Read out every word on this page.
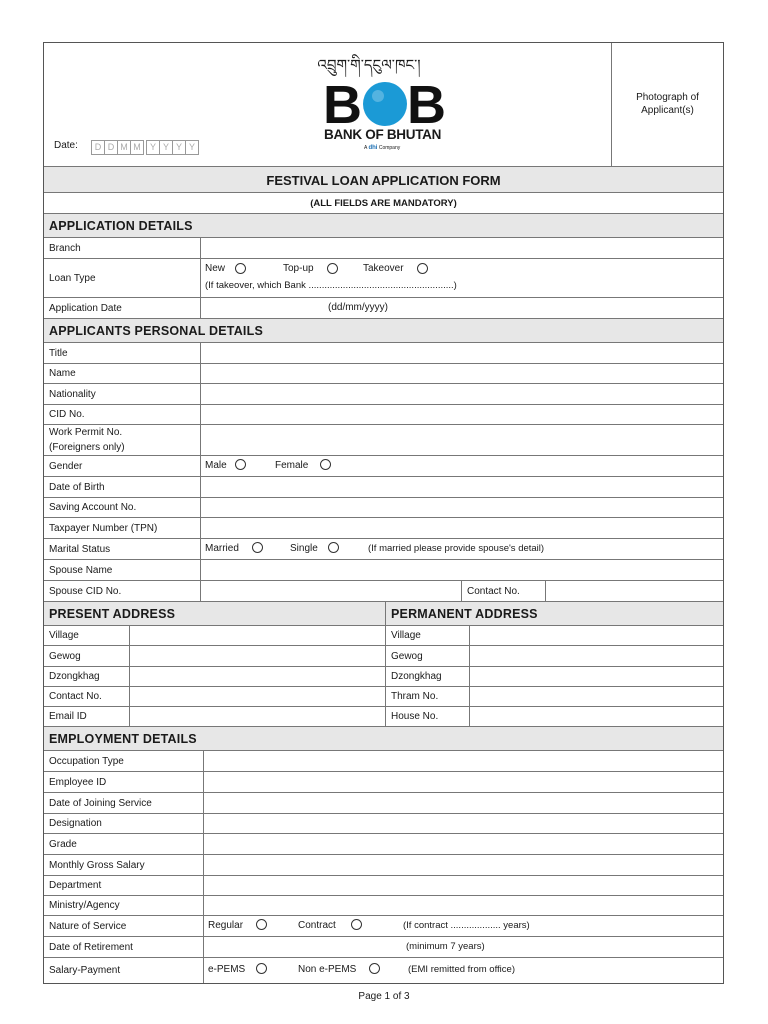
འབྲུག་གི་དངུལ་ཁང་།
B B
BANK OF BHUTAN
A dhi Company
Date:	D D M M Y Y Y Y
Photograph of Applicant(s)
FESTIVAL LOAN APPLICATION FORM
(ALL FIELDS ARE MANDATORY)
APPLICATION DETAILS
Branch
Loan Type
New	Top-up	Takeover
(If takeover, which Bank .......................................................)
Application Date	(dd/mm/yyyy)
APPLICANTS PERSONAL DETAILS
Title
Name
Nationality
CID No.
Work Permit No.
(Foreigners only)
Gender	Male	Female
Date of Birth
Saving Account No.
Taxpayer Number (TPN)
Marital Status	Married	Single	(If married please provide spouse's detail)
Spouse Name
Spouse CID No.	Contact No.
PRESENT ADDRESS	PERMANENT ADDRESS
Village	Village
Gewog	Gewog
Dzongkhag	Dzongkhag
Contact No.	Thram No.
Email ID	House No.
EMPLOYMENT DETAILS
Occupation Type
Employee ID
Date of Joining Service
Designation
Grade
Monthly Gross Salary
Department
Ministry/Agency
Nature of Service	Regular	Contract	(If contract ................... years)
Date of Retirement	(minimum 7 years)
Salary-Payment	e-PEMS	Non e-PEMS	(EMI remitted from office)
Page 1 of 3
